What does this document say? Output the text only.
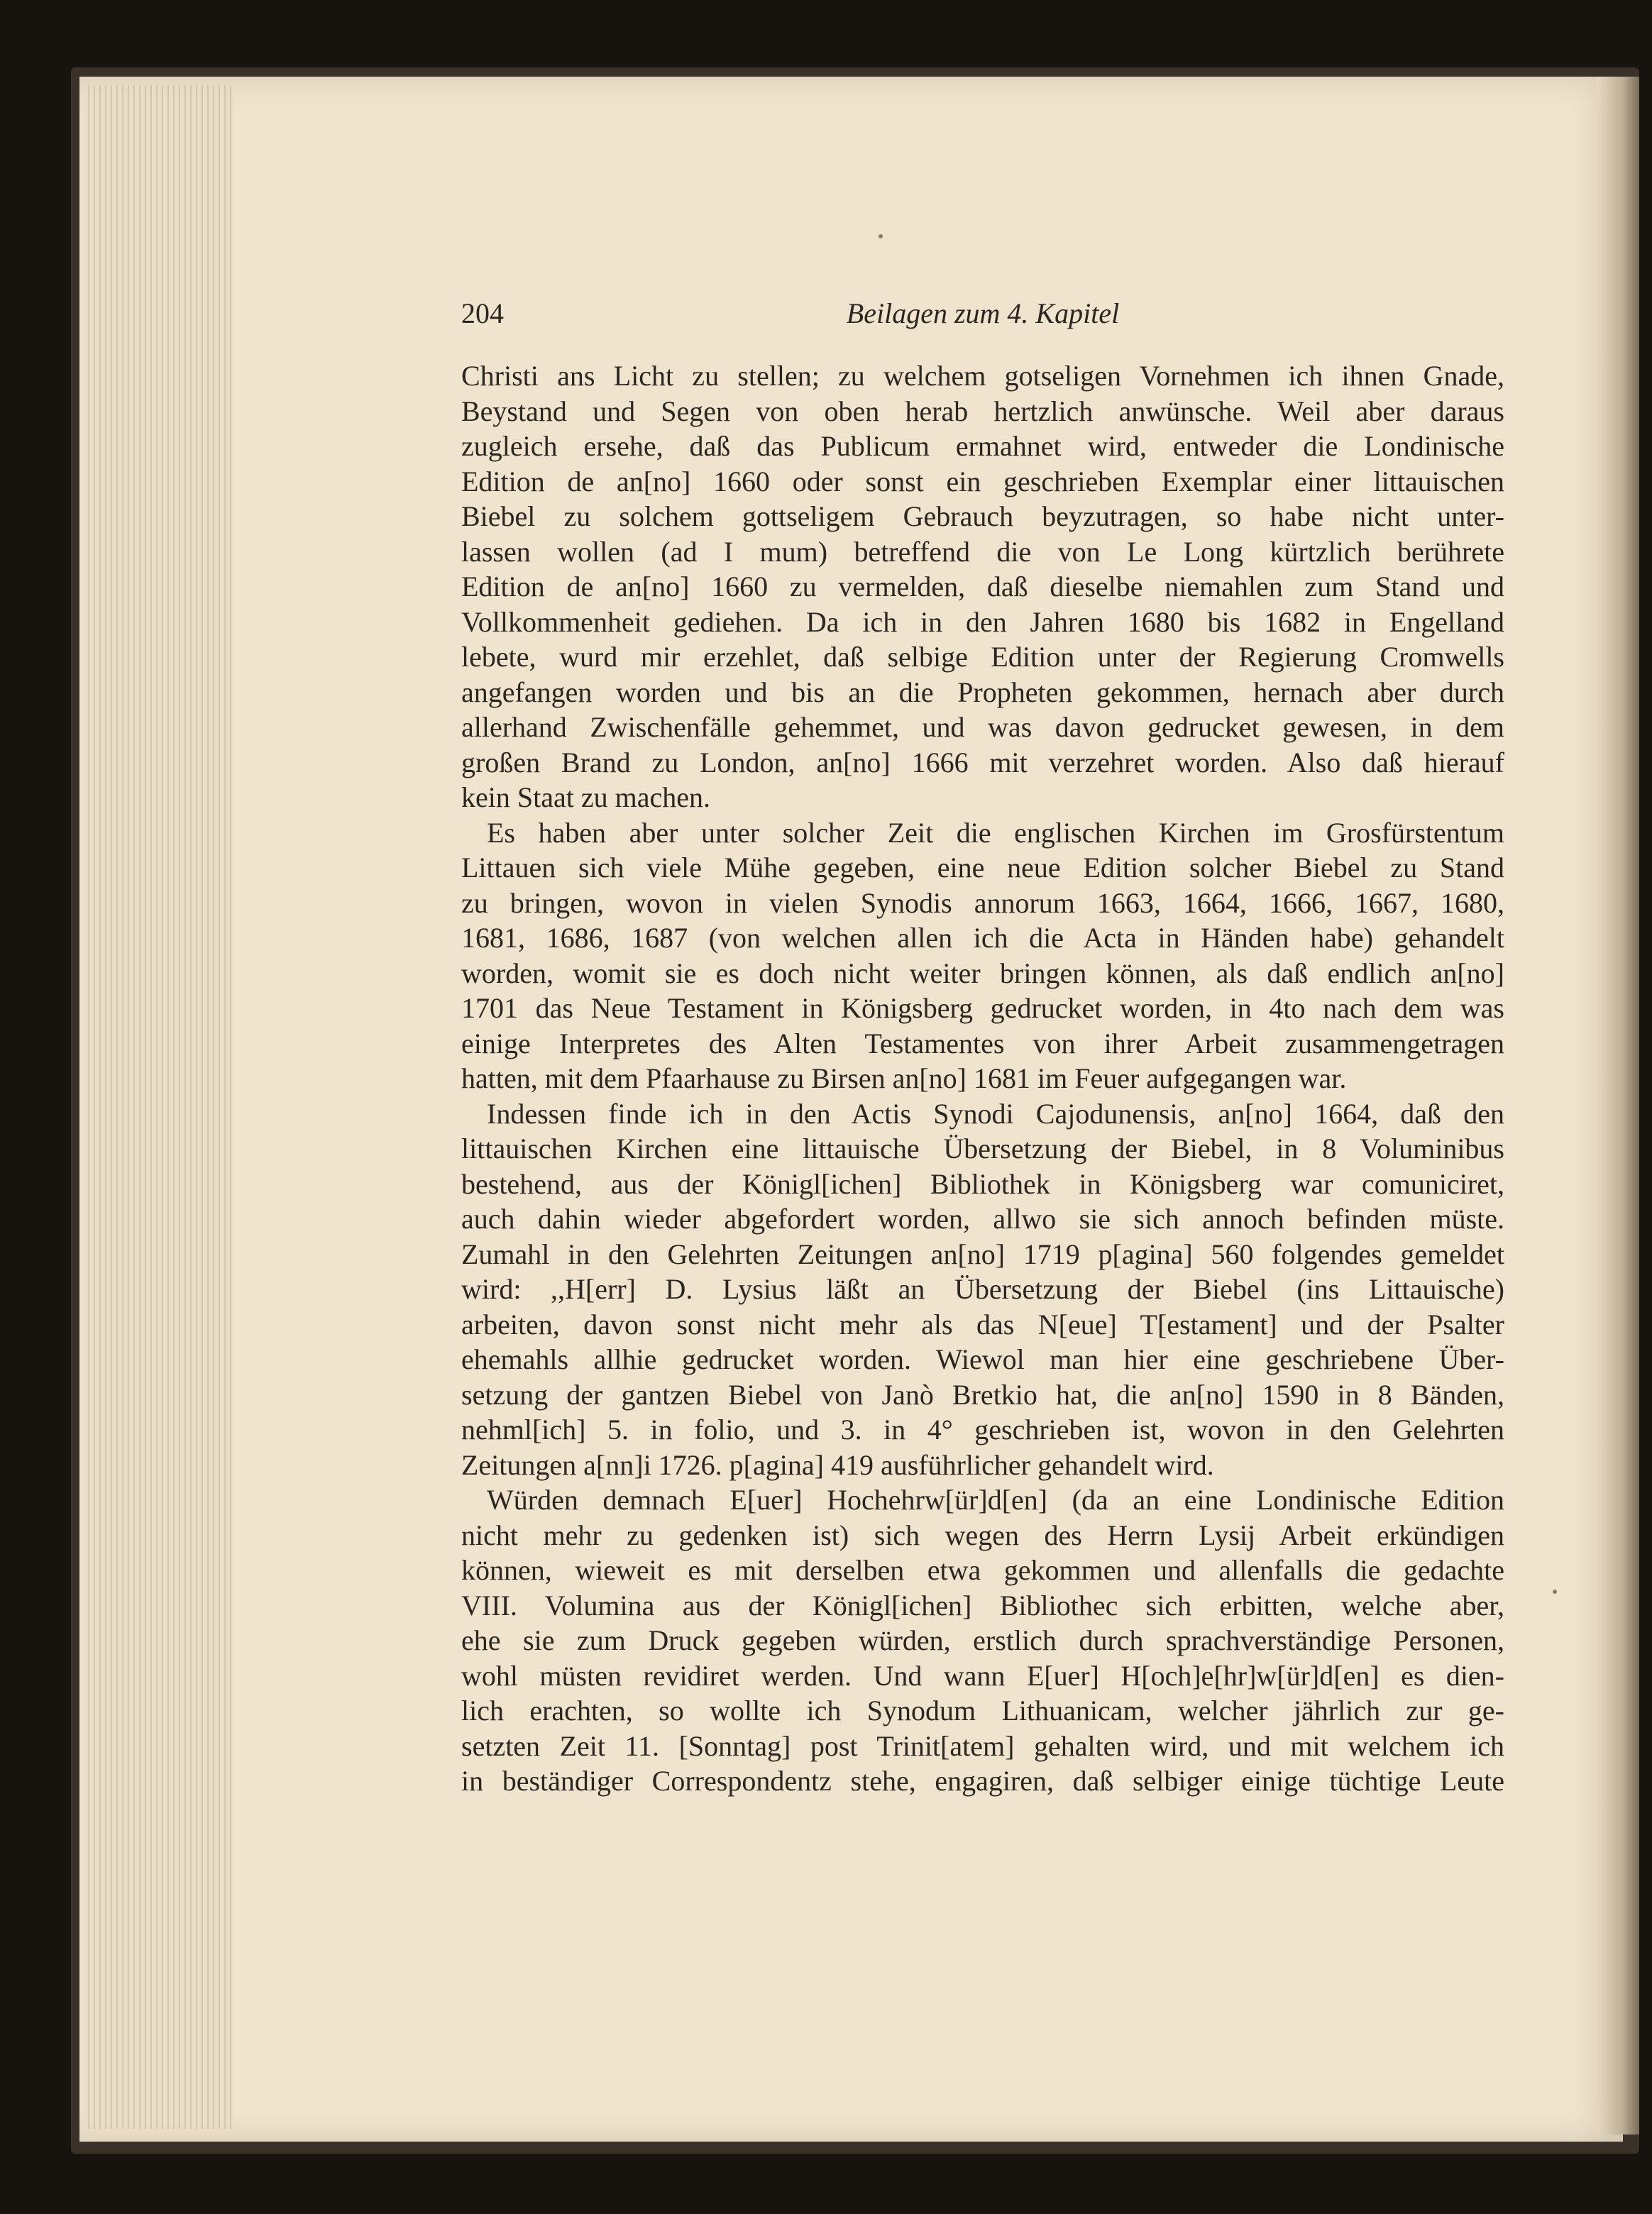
204	Beilagen zum 4. Kapitel
Christi ans Licht zu stellen; zu welchem gotseligen Vornehmen ich ihnen Gnade,
Beystand und Segen von oben herab hertzlich anwünsche. Weil aber daraus
zugleich ersehe, daß das Publicum ermahnet wird, entweder die Londinische
Edition de an[no] 1660 oder sonst ein geschrieben Exemplar einer littauischen
Biebel zu solchem gottseligem Gebrauch beyzutragen, so habe nicht unter-
lassen wollen (ad I mum) betreffend die von Le Long kürtzlich berührete
Edition de an[no] 1660 zu vermelden, daß dieselbe niemahlen zum Stand und
Vollkommenheit gediehen. Da ich in den Jahren 1680 bis 1682 in Engelland
lebete, wurd mir erzehlet, daß selbige Edition unter der Regierung Cromwells
angefangen worden und bis an die Propheten gekommen, hernach aber durch
allerhand Zwischenfälle gehemmet, und was davon gedrucket gewesen, in dem
großen Brand zu London, an[no] 1666 mit verzehret worden. Also daß hierauf
kein Staat zu machen.
Es haben aber unter solcher Zeit die englischen Kirchen im Grosfürstentum
Littauen sich viele Mühe gegeben, eine neue Edition solcher Biebel zu Stand
zu bringen, wovon in vielen Synodis annorum 1663, 1664, 1666, 1667, 1680,
1681, 1686, 1687 (von welchen allen ich die Acta in Händen habe) gehandelt
worden, womit sie es doch nicht weiter bringen können, als daß endlich an[no]
1701 das Neue Testament in Königsberg gedrucket worden, in 4to nach dem was
einige Interpretes des Alten Testamentes von ihrer Arbeit zusammengetragen
hatten, mit dem Pfaarhause zu Birsen an[no] 1681 im Feuer aufgegangen war.
Indessen finde ich in den Actis Synodi Cajodunensis, an[no] 1664, daß den
littauischen Kirchen eine littauische Übersetzung der Biebel, in 8 Voluminibus
bestehend, aus der Königl[ichen] Bibliothek in Königsberg war comuniciret,
auch dahin wieder abgefordert worden, allwo sie sich annoch befinden müste.
Zumahl in den Gelehrten Zeitungen an[no] 1719 p[agina] 560 folgendes gemeldet
wird: ,,H[err] D. Lysius läßt an Übersetzung der Biebel (ins Littauische)
arbeiten, davon sonst nicht mehr als das N[eue] T[estament] und der Psalter
ehemahls allhie gedrucket worden. Wiewol man hier eine geschriebene Über-
setzung der gantzen Biebel von Janò Bretkio hat, die an[no] 1590 in 8 Bänden,
nehml[ich] 5. in folio, und 3. in 4° geschrieben ist, wovon in den Gelehrten
Zeitungen a[nn]i 1726. p[agina] 419 ausführlicher gehandelt wird.
Würden demnach E[uer] Hochehrw[ür]d[en] (da an eine Londinische Edition
nicht mehr zu gedenken ist) sich wegen des Herrn Lysij Arbeit erkündigen
können, wieweit es mit derselben etwa gekommen und allenfalls die gedachte
VIII. Volumina aus der Königl[ichen] Bibliothec sich erbitten, welche aber,
ehe sie zum Druck gegeben würden, erstlich durch sprachverständige Personen,
wohl müsten revidiret werden. Und wann E[uer] H[och]e[hr]w[ür]d[en] es dien-
lich erachten, so wollte ich Synodum Lithuanicam, welcher jährlich zur ge-
setzten Zeit 11. [Sonntag] post Trinit[atem] gehalten wird, und mit welchem ich
in beständiger Correspondentz stehe, engagiren, daß selbiger einige tüchtige Leute
